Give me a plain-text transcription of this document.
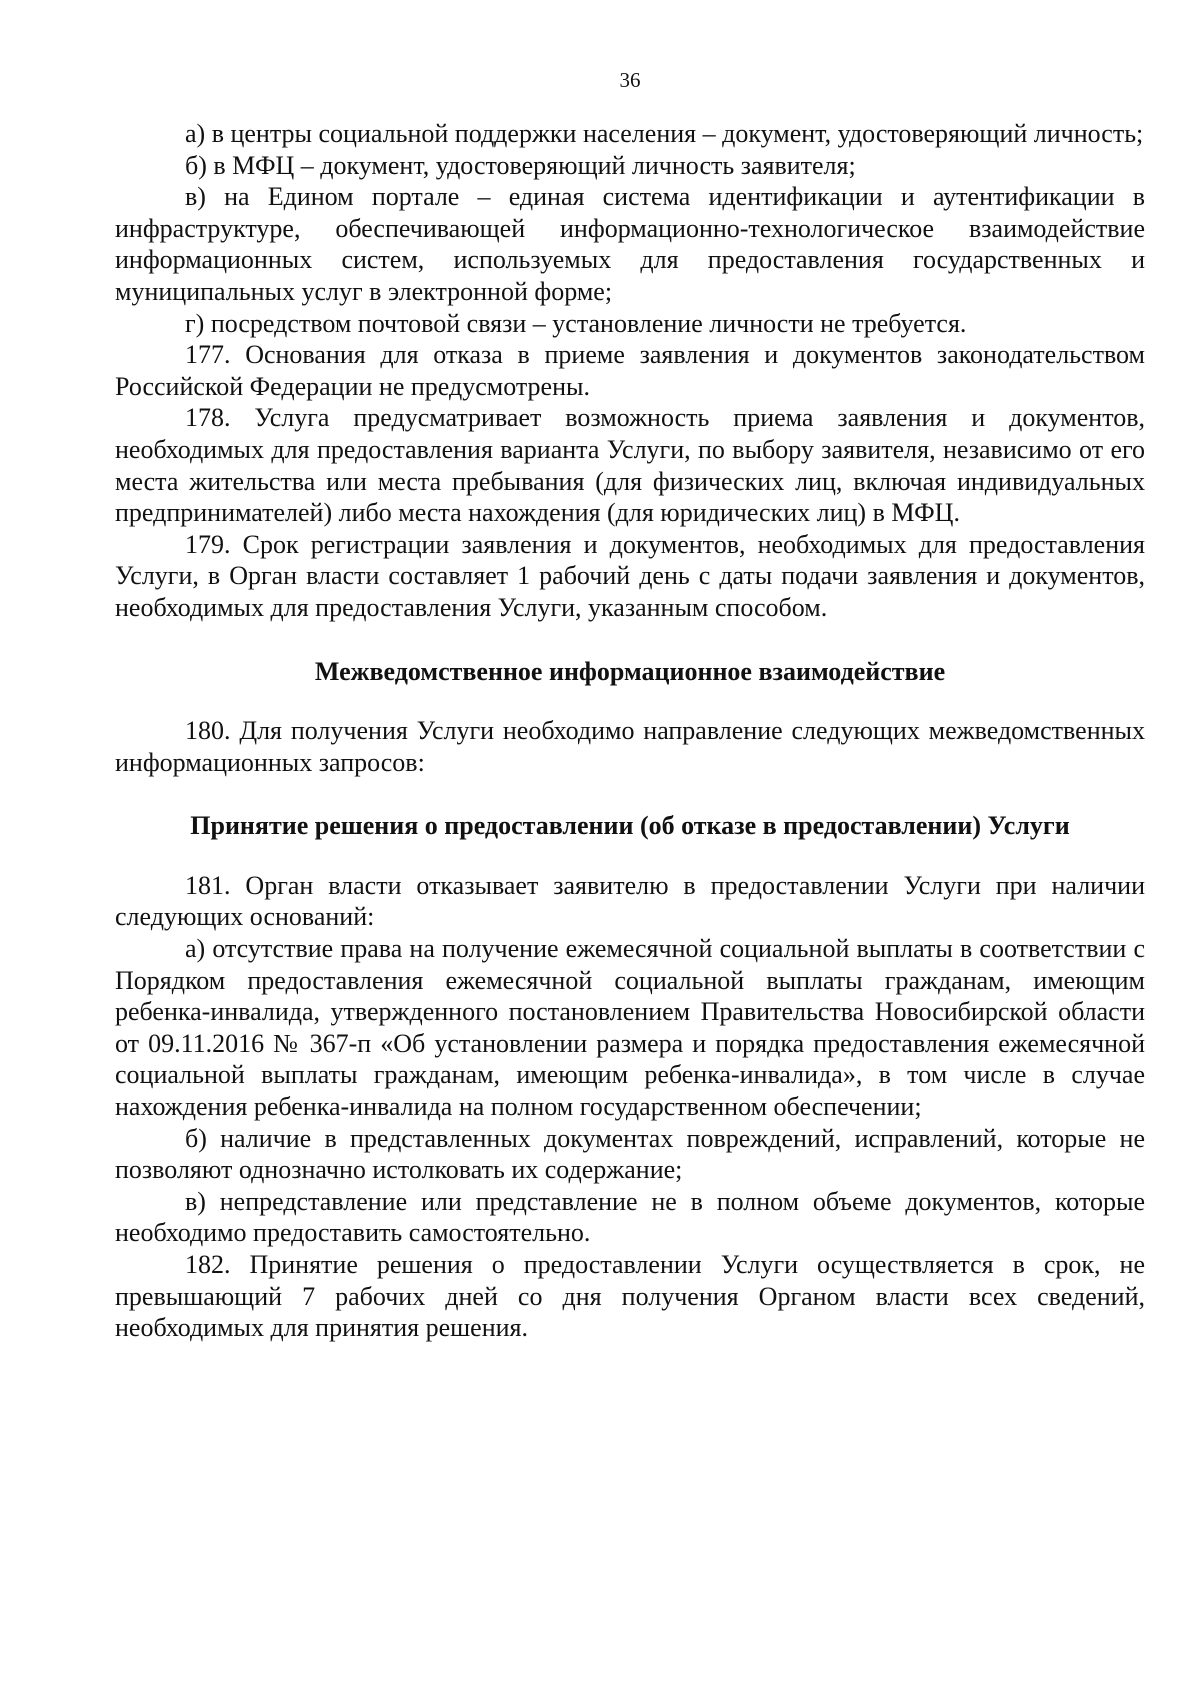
36

а) в центры социальной поддержки населения – документ, удостоверяющий личность;

б) в МФЦ – документ, удостоверяющий личность заявителя;

в) на Едином портале – единая система идентификации и аутентификации в инфраструктуре, обеспечивающей информационно-технологическое взаимодействие информационных систем, используемых для предоставления государственных и муниципальных услуг в электронной форме;

г) посредством почтовой связи – установление личности не требуется.

177. Основания для отказа в приеме заявления и документов законодательством Российской Федерации не предусмотрены.

178. Услуга предусматривает возможность приема заявления и документов, необходимых для предоставления варианта Услуги, по выбору заявителя, независимо от его места жительства или места пребывания (для физических лиц, включая индивидуальных предпринимателей) либо места нахождения (для юридических лиц) в МФЦ.

179. Срок регистрации заявления и документов, необходимых для предоставления Услуги, в Орган власти составляет 1 рабочий день с даты подачи заявления и документов, необходимых для предоставления Услуги, указанным способом.

Межведомственное информационное взаимодействие

180. Для получения Услуги необходимо направление следующих межведомственных информационных запросов:

Принятие решения о предоставлении (об отказе в предоставлении) Услуги

181. Орган власти отказывает заявителю в предоставлении Услуги при наличии следующих оснований:

а) отсутствие права на получение ежемесячной социальной выплаты в соответствии с Порядком предоставления ежемесячной социальной выплаты гражданам, имеющим ребенка-инвалида, утвержденного постановлением Правительства Новосибирской области от 09.11.2016 № 367-п «Об установлении размера и порядка предоставления ежемесячной социальной выплаты гражданам, имеющим ребенка-инвалида», в том числе в случае нахождения ребенка-инвалида на полном государственном обеспечении;

б) наличие в представленных документах повреждений, исправлений, которые не позволяют однозначно истолковать их содержание;

в) непредставление или представление не в полном объеме документов, которые необходимо предоставить самостоятельно.

182. Принятие решения о предоставлении Услуги осуществляется в срок, не превышающий 7 рабочих дней со дня получения Органом власти всех сведений, необходимых для принятия решения.
